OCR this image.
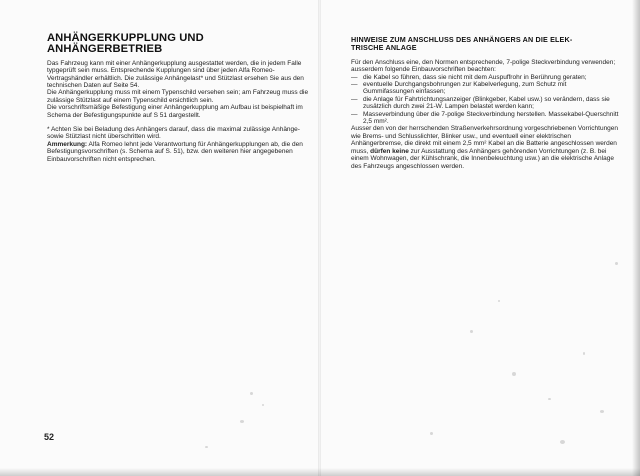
ANHÄNGERKUPPLUNG UND
ANHÄNGERBETRIEB

Das Fahrzeug kann mit einer Anhängerkupplung ausgestattet werden, die in jedem Falle typgeprüft sein muss. Entsprechende Kupplungen sind über jeden Alfa Romeo-Vertragshändler erhältlich. Die zulässige Anhängelast* und Stützlast ersehen Sie aus den technischen Daten auf Seite 54.

Die Anhängerkupplung muss mit einem Typenschild versehen sein; am Fahrzeug muss die zulässige Stützlast auf einem Typenschild ersichtlich sein.

Die vorschriftsmäßige Befestigung einer Anhängerkupplung am Aufbau ist beispielhaft im Schema der Befestigungspunkte auf S 51 dargestellt.

* Achten Sie bei Beladung des Anhängers darauf, dass die maximal zulässige Anhänge-sowie Stützlast nicht überschritten wird.

Ammerkung: Alfa Romeo lehnt jede Verantwortung für Anhängerkupplungen ab, die den Befestigungsvorschriften (s. Schema auf S. 51), bzw. den weiteren hier angegebenen Einbauvorschriften nicht entsprechen.

HINWEISE ZUM ANSCHLUSS DES ANHÄNGERS AN DIE ELEK-
TRISCHE ANLAGE

Für den Anschluss eine, den Normen entsprechende, 7-polige Steckverbindung verwenden; ausserdem folgende Einbauvorschriften beachten:

— die Kabel so führen, dass sie nicht mit dem Auspuffrohr in Berührung geraten;
— eventuelle Durchgangsbohrungen zur Kabelverlegung, zum Schutz mit Gummifassungen einfassen;
— die Anlage für Fahrtrichtungsanzeiger (Blinkgeber, Kabel usw.) so verändern, dass sie zusätzlich durch zwei 21-W. Lampen belastet werden kann;
— Masseverbindung über die 7-polige Steckverbindung herstellen. Massekabel-Querschnitt 2,5 mm².

Ausser den von der herrschenden Straßenverkehrsordnung vorgeschriebenen Vorrichtungen wie Brems- und Schlusslichter, Blinker usw., und eventuell einer elektrischen Anhängerbremse, die direkt mit einem 2,5 mm² Kabel an die Batterie angeschlossen werden muss, dürfen keine zur Ausstattung des Anhängers gehörenden Vorrichtungen (z. B. bei einem Wohnwagen, der Kühlschrank, die Innenbeleuchtung usw.) an die elektrische Anlage des Fahrzeugs angeschlossen werden.

52
